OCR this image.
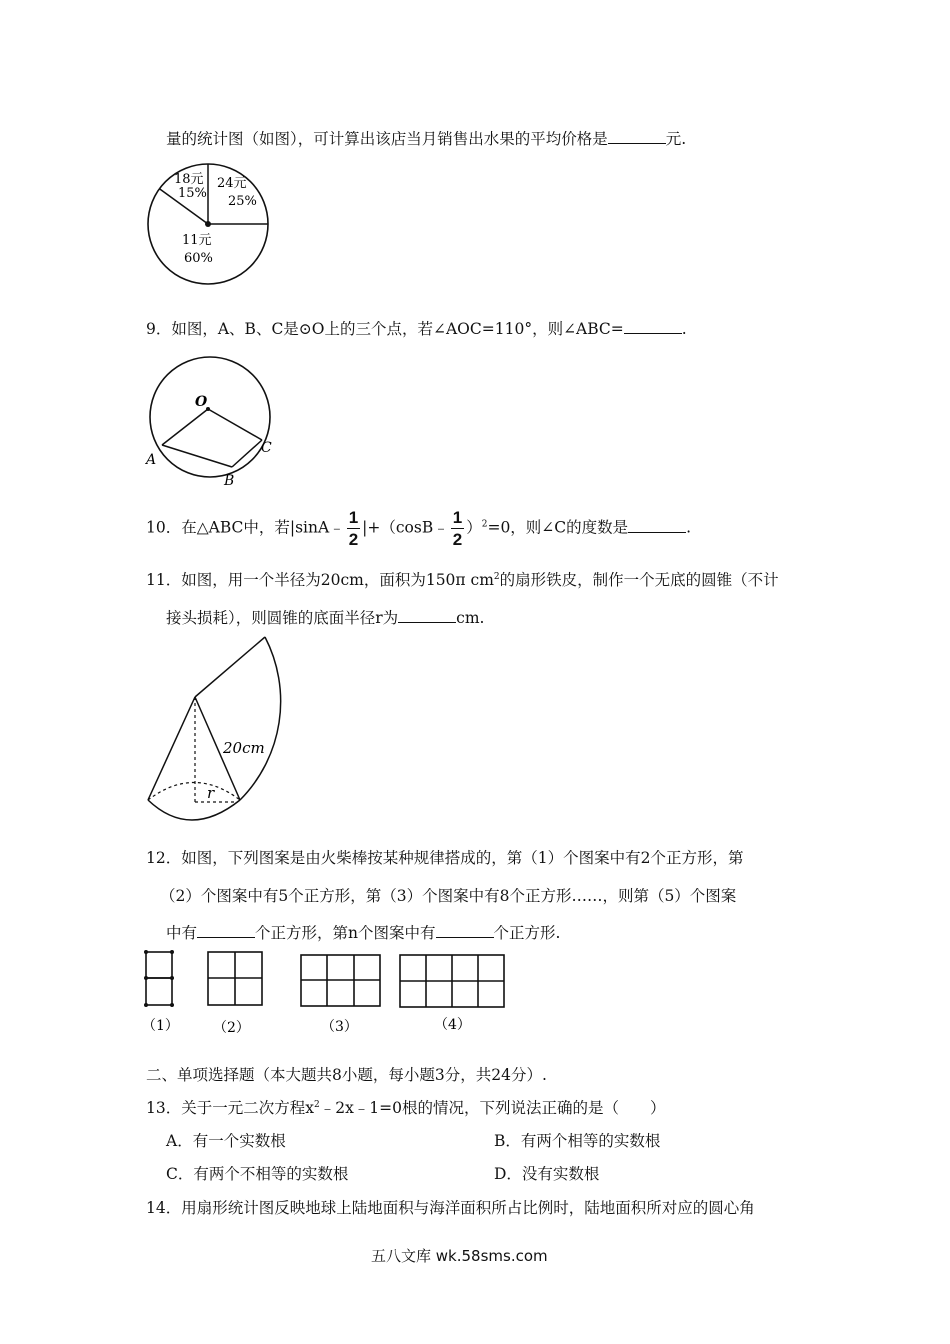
量的统计图（如图），可计算出该店当月销售出水果的平均价格是	元.
18元
15%
24元
25%
11元
60%
9．如图，A、B、C是⊙O上的三个点，若∠AOC=110°，则∠ABC=	.
O
A
B
C
10．在△ABC中，若|sinA﹣ $\frac{1}{2}$ |+（cosB﹣ $\frac{1}{2} )^2=0$，则∠C的度数是	.
11．如图，用一个半径为20cm，面积为150π $cm^2$的扇形铁皮，制作一个无底的圆锥（不计
接头损耗），则圆锥的底面半径r为	cm.
20cm
r
12．如图，下列图案是由火柴棒按某种规律搭成的，第（1）个图案中有2个正方形，第
（2）个图案中有5个正方形，第（3）个图案中有8个正方形……，则第（5）个图案
中有	个正方形，第n个图案中有	个正方形.
（1） （2）	（3）	（4）
二、单项选择题（本大题共8小题，每小题3分，共24分）.
13．关于一元二次方程$x^2﹣2x﹣1=0$根的情况，下列说法正确的是（　　）
A．有一个实数根	B．有两个相等的实数根
C．有两个不相等的实数根	D．没有实数根
14．用扇形统计图反映地球上陆地面积与海洋面积所占比例时，陆地面积所对应的圆心角
五八文库 wk.58sms.com
